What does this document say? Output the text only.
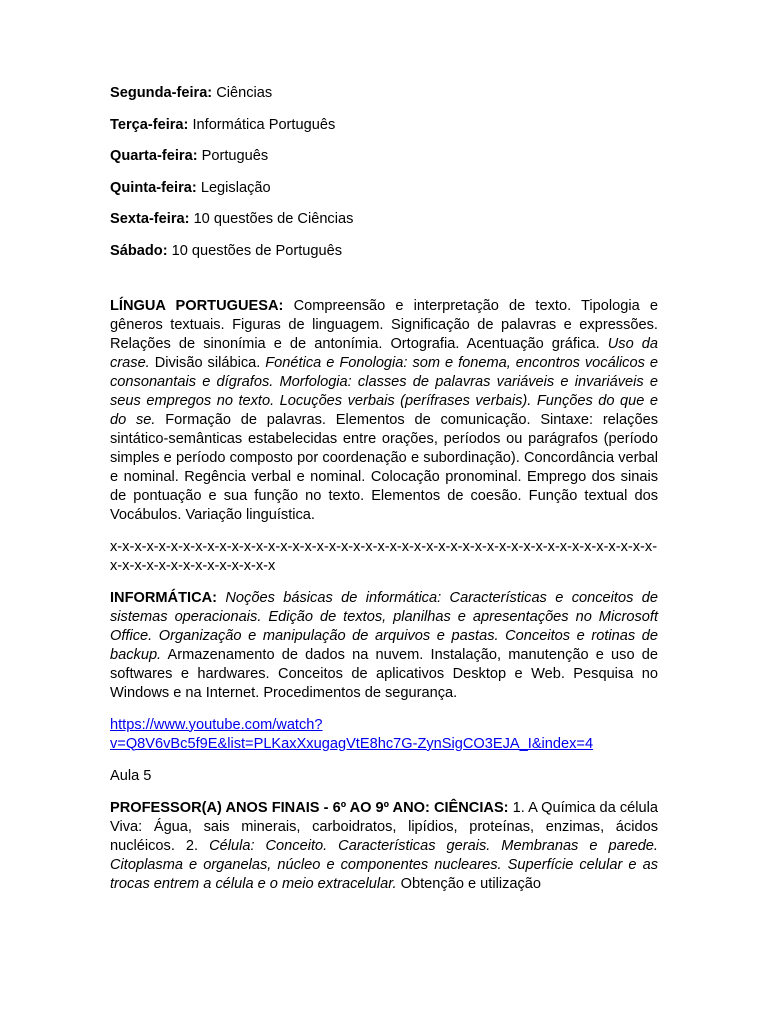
Segunda-feira: Ciências

Terça-feira: Informática Português

Quarta-feira: Português

Quinta-feira: Legislação

Sexta-feira: 10 questões de Ciências

Sábado: 10 questões de Português

LÍNGUA PORTUGUESA: Compreensão e interpretação de texto. Tipologia e gêneros textuais. Figuras de linguagem. Significação de palavras e expressões. Relações de sinonímia e de antonímia. Ortografia. Acentuação gráfica. Uso da crase. Divisão silábica. Fonética e Fonologia: som e fonema, encontros vocálicos e consonantais e dígrafos. Morfologia: classes de palavras variáveis e invariáveis e seus empregos no texto. Locuções verbais (perífrases verbais). Funções do que e do se. Formação de palavras. Elementos de comunicação. Sintaxe: relações sintático-semânticas estabelecidas entre orações, períodos ou parágrafos (período simples e período composto por coordenação e subordinação). Concordância verbal e nominal. Regência verbal e nominal. Colocação pronominal. Emprego dos sinais de pontuação e sua função no texto. Elementos de coesão. Função textual dos Vocábulos. Variação linguística.

x-x-x-x-x-x-x-x-x-x-x-x-x-x-x-x-x-x-x-x-x-x-x-x-x-x-x-x-x-x-x-x-x-x-x-x-x-x-x-x-x-x-x-x-x-x-x-x-x-x-x-x-x-x-x-x-x-x-x

INFORMÁTICA: Noções básicas de informática: Características e conceitos de sistemas operacionais. Edição de textos, planilhas e apresentações no Microsoft Office. Organização e manipulação de arquivos e pastas. Conceitos e rotinas de backup. Armazenamento de dados na nuvem. Instalação, manutenção e uso de softwares e hardwares. Conceitos de aplicativos Desktop e Web. Pesquisa no Windows e na Internet. Procedimentos de segurança.

https://www.youtube.com/watch?
v=Q8V6vBc5f9E&list=PLKaxXxugagVtE8hc7G-ZynSigCO3EJA_I&index=4

Aula 5

PROFESSOR(A) ANOS FINAIS - 6º AO 9º ANO: CIÊNCIAS: 1. A Química da célula Viva: Água, sais minerais, carboidratos, lipídios, proteínas, enzimas, ácidos nucléicos. 2. Célula: Conceito. Características gerais. Membranas e parede. Citoplasma e organelas, núcleo e componentes nucleares. Superfície celular e as trocas entrem a célula e o meio extracelular. Obtenção e utilização
